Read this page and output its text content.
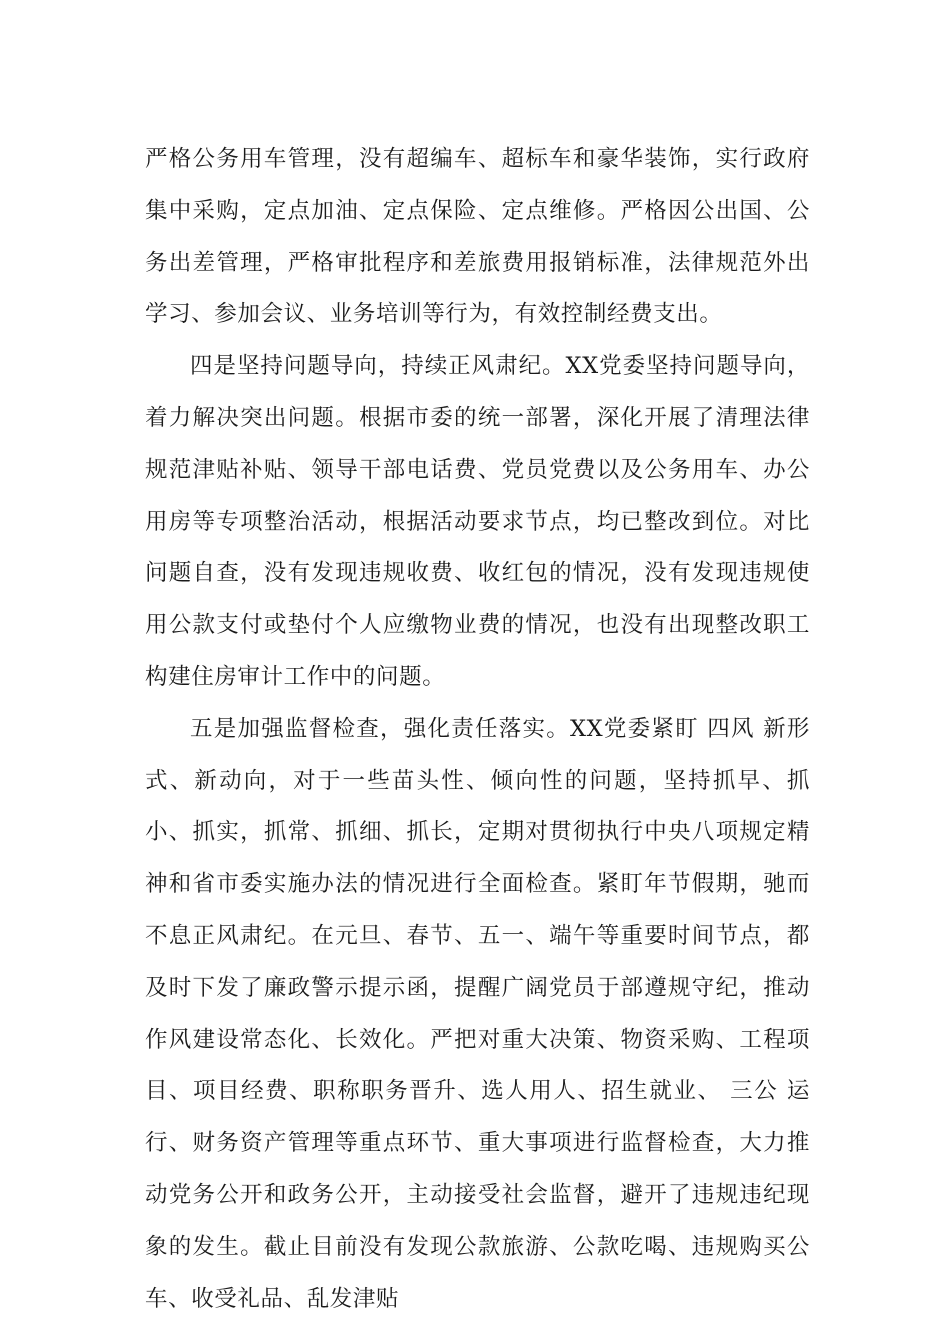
严格公务用车管理，没有超编车、超标车和豪华装饰，实行政府集中采购，定点加油、定点保险、定点维修。严格因公出国、公务出差管理，严格审批程序和差旅费用报销标准，法律规范外出学习、参加会议、业务培训等行为，有效控制经费支出。

四是坚持问题导向，持续正风肃纪。XX党委坚持问题导向，着力解决突出问题。根据市委的统一部署，深化开展了清理法律规范津贴补贴、领导干部电话费、党员党费以及公务用车、办公用房等专项整治活动，根据活动要求节点，均已整改到位。对比问题自查，没有发现违规收费、收红包的情况，没有发现违规使用公款支付或垫付个人应缴物业费的情况，也没有出现整改职工构建住房审计工作中的问题。

五是加强监督检查，强化责任落实。XX党委紧盯 四风 新形式、新动向，对于一些苗头性、倾向性的问题，坚持抓早、抓小、抓实，抓常、抓细、抓长，定期对贯彻执行中央八项规定精神和省市委实施办法的情况进行全面检查。紧盯年节假期，驰而不息正风肃纪。在元旦、春节、五一、端午等重要时间节点，都及时下发了廉政警示提示函，提醒广阔党员于部遵规守纪，推动作风建设常态化、长效化。严把对重大决策、物资采购、工程项目、项目经费、职称职务晋升、选人用人、招生就业、 三公 运行、财务资产管理等重点环节、重大事项进行监督检查，大力推动党务公开和政务公开，主动接受社会监督，避开了违规违纪现象的发生。截止目前没有发现公款旅游、公款吃喝、违规购买公车、收受礼品、乱发津贴
